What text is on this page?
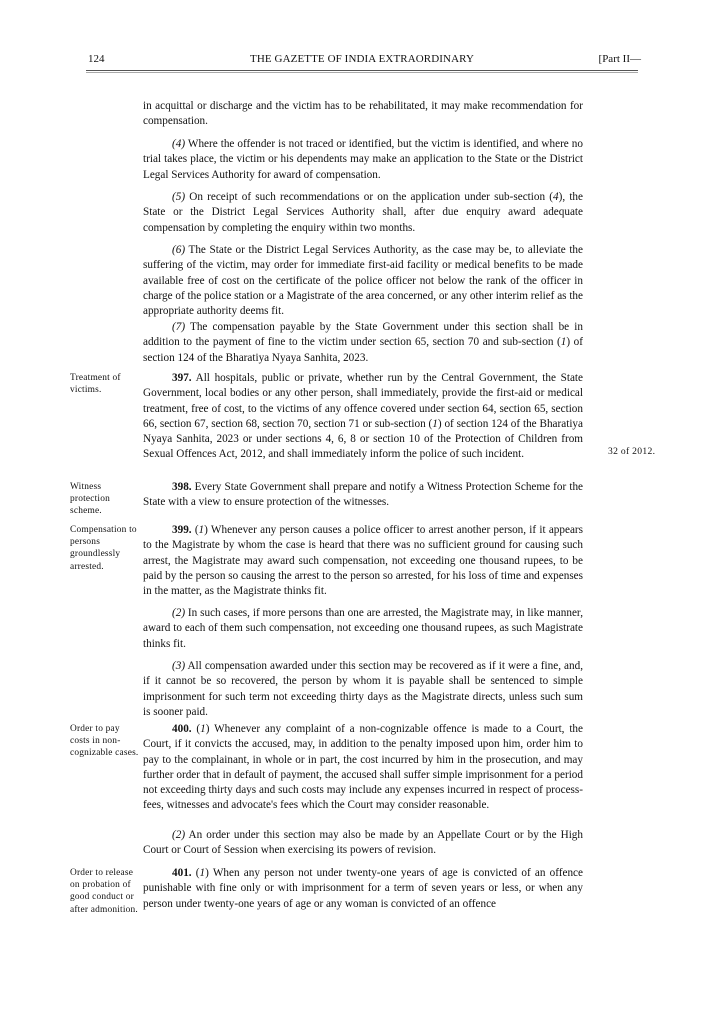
124	THE GAZETTE OF INDIA EXTRAORDINARY	[Part II—
in acquittal or discharge and the victim has to be rehabilitated, it may make recommendation for compensation.
(4) Where the offender is not traced or identified, but the victim is identified, and where no trial takes place, the victim or his dependents may make an application to the State or the District Legal Services Authority for award of compensation.
(5) On receipt of such recommendations or on the application under sub-section (4), the State or the District Legal Services Authority shall, after due enquiry award adequate compensation by completing the enquiry within two months.
(6) The State or the District Legal Services Authority, as the case may be, to alleviate the suffering of the victim, may order for immediate first-aid facility or medical benefits to be made available free of cost on the certificate of the police officer not below the rank of the officer in charge of the police station or a Magistrate of the area concerned, or any other interim relief as the appropriate authority deems fit.
(7) The compensation payable by the State Government under this section shall be in addition to the payment of fine to the victim under section 65, section 70 and sub-section (1) of section 124 of the Bharatiya Nyaya Sanhita, 2023.
Treatment of victims.
397. All hospitals, public or private, whether run by the Central Government, the State Government, local bodies or any other person, shall immediately, provide the first-aid or medical treatment, free of cost, to the victims of any offence covered under section 64, section 65, section 66, section 67, section 68, section 70, section 71 or sub-section (1) of section 124 of the Bharatiya Nyaya Sanhita, 2023 or under sections 4, 6, 8 or section 10 of the Protection of Children from Sexual Offences Act, 2012, and shall immediately inform the police of such incident.	32 of 2012.
Witness protection scheme.
398. Every State Government shall prepare and notify a Witness Protection Scheme for the State with a view to ensure protection of the witnesses.
Compensation to persons groundlessly arrested.
399. (1) Whenever any person causes a police officer to arrest another person, if it appears to the Magistrate by whom the case is heard that there was no sufficient ground for causing such arrest, the Magistrate may award such compensation, not exceeding one thousand rupees, to be paid by the person so causing the arrest to the person so arrested, for his loss of time and expenses in the matter, as the Magistrate thinks fit.
(2) In such cases, if more persons than one are arrested, the Magistrate may, in like manner, award to each of them such compensation, not exceeding one thousand rupees, as such Magistrate thinks fit.
(3) All compensation awarded under this section may be recovered as if it were a fine, and, if it cannot be so recovered, the person by whom it is payable shall be sentenced to simple imprisonment for such term not exceeding thirty days as the Magistrate directs, unless such sum is sooner paid.
Order to pay costs in non-cognizable cases.
400. (1) Whenever any complaint of a non-cognizable offence is made to a Court, the Court, if it convicts the accused, may, in addition to the penalty imposed upon him, order him to pay to the complainant, in whole or in part, the cost incurred by him in the prosecution, and may further order that in default of payment, the accused shall suffer simple imprisonment for a period not exceeding thirty days and such costs may include any expenses incurred in respect of process-fees, witnesses and advocate's fees which the Court may consider reasonable.
(2) An order under this section may also be made by an Appellate Court or by the High Court or Court of Session when exercising its powers of revision.
Order to release on probation of good conduct or after admonition.
401. (1) When any person not under twenty-one years of age is convicted of an offence punishable with fine only or with imprisonment for a term of seven years or less, or when any person under twenty-one years of age or any woman is convicted of an offence
